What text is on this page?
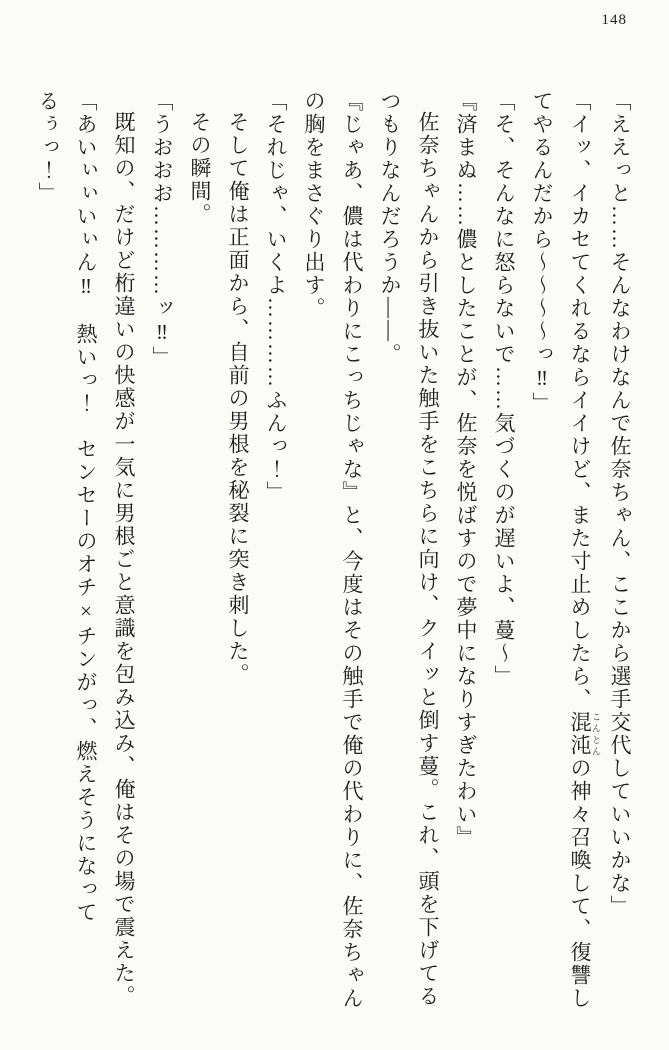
148

「ええっと……そんなわけなんで佐奈ちゃん、ここから選手交代していいかな」

「イッ、イカセてくれるならイイけど、また寸止めしたら、混沌 こんとんの神々召喚して、復讐してやるんだから～～～～っ‼」

「そ、そんなに怒らないで……気づくのが遅いよ、蔓～」

『済まぬ……儂としたことが、佐奈を悦ばすので夢中になりすぎたわい』

佐奈ちゃんから引き抜いた触手をこちらに向け、クイッと倒す蔓。これ、頭を下げてるつもりなんだろうか――。

『じゃあ、儂は代わりにこっちじゃな』と、今度はその触手で俺の代わりに、佐奈ちゃんの胸をまさぐり出す。

「それじゃ、いくよ…………ふんっ！」

そして俺は正面から、自前の男根を秘裂に突き刺した。

その瞬間。

「うおおお…………ッ‼」

既知の、だけど桁違いの快感が一気に男根ごと意識を包み込み、俺はその場で震えた。

「あいぃぃいぃん‼　熱いっ！　センセーのオチ×チンがっ、燃えそうになってるぅっ！」
